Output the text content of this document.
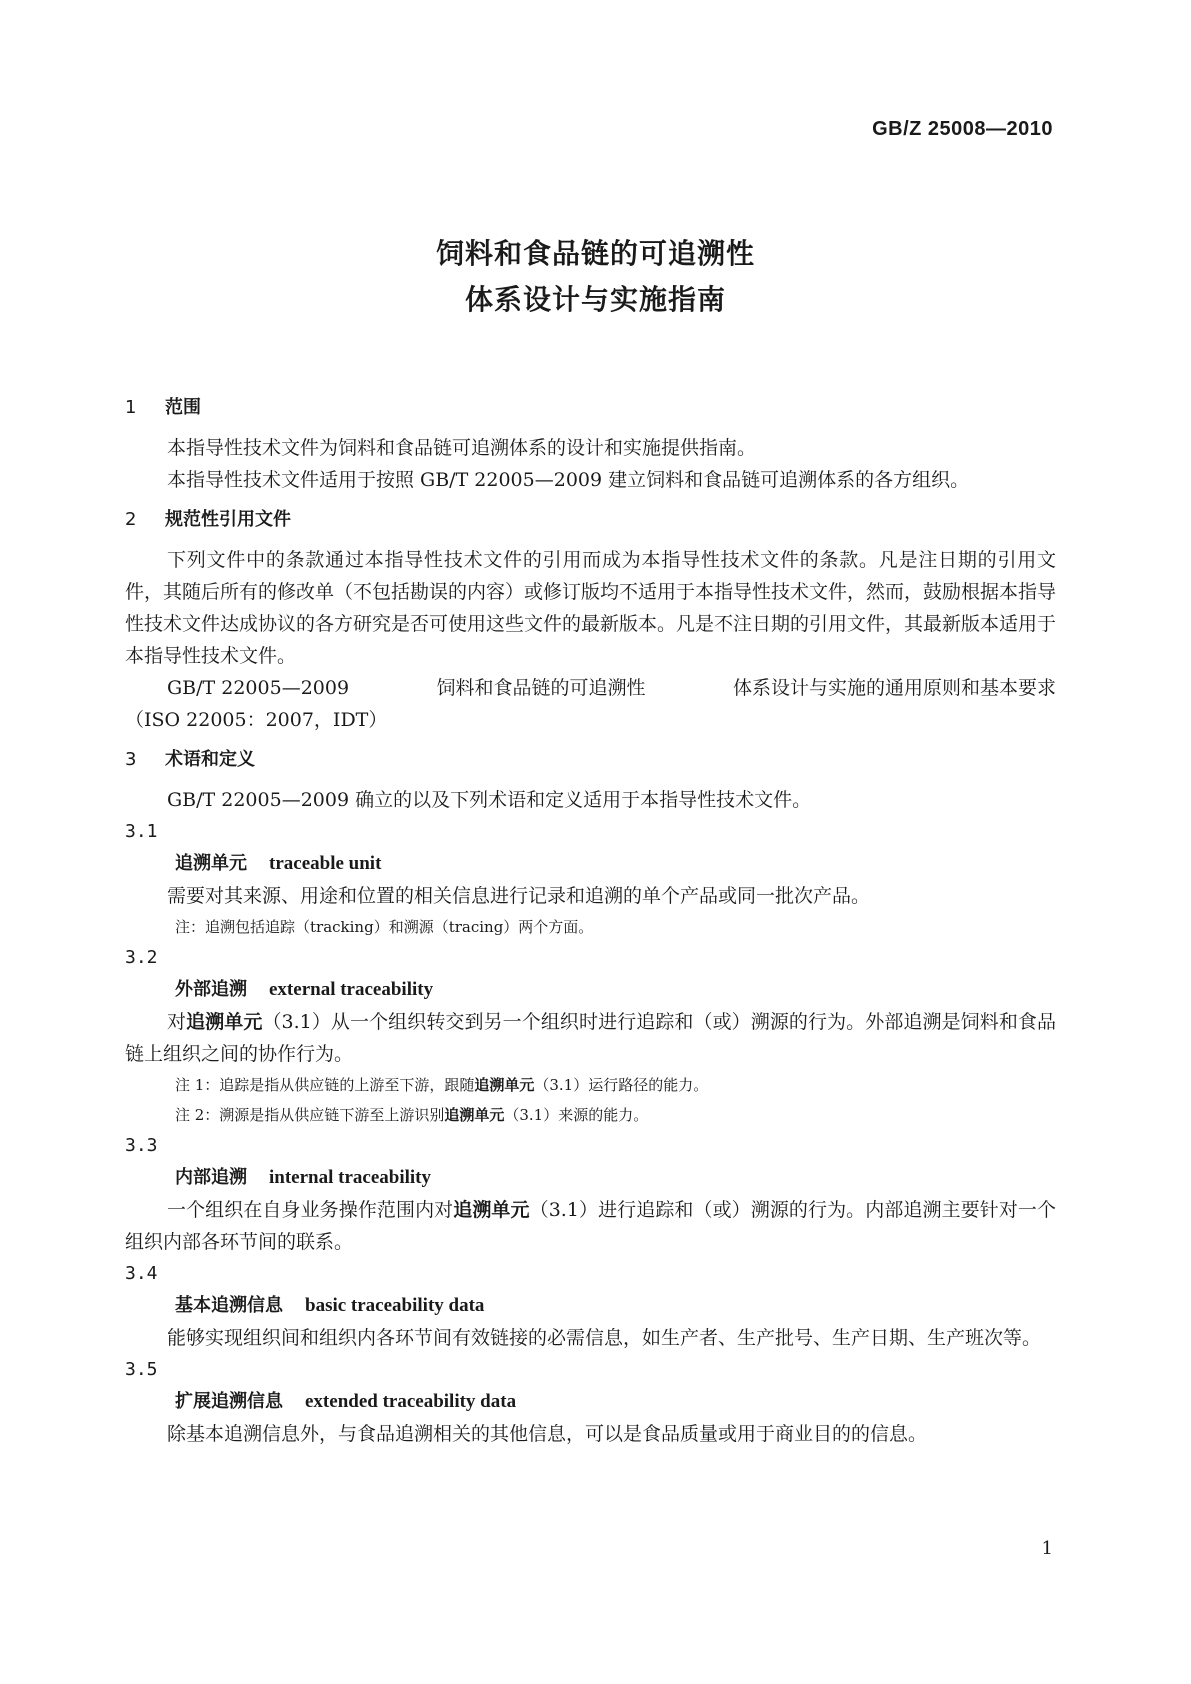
GB/Z 25008—2010
饲料和食品链的可追溯性
体系设计与实施指南
1 范围

本指导性技术文件为饲料和食品链可追溯体系的设计和实施提供指南。

本指导性技术文件适用于按照 GB/T 22005—2009 建立饲料和食品链可追溯体系的各方组织。

2 规范性引用文件

下列文件中的条款通过本指导性技术文件的引用而成为本指导性技术文件的条款。凡是注日期的引用文件，其随后所有的修改单（不包括勘误的内容）或修订版均不适用于本指导性技术文件，然而，鼓励根据本指导性技术文件达成协议的各方研究是否可使用这些文件的最新版本。凡是不注日期的引用文件，其最新版本适用于本指导性技术文件。

GB/T 22005—2009	饲料和食品链的可追溯性	体系设计与实施的通用原则和基本要求

（ISO 22005：2007，IDT）

3 术语和定义

GB/T 22005—2009 确立的以及下列术语和定义适用于本指导性技术文件。

3.1
追溯单元 traceable unit

需要对其来源、用途和位置的相关信息进行记录和追溯的单个产品或同一批次产品。

注：追溯包括追踪（tracking）和溯源（tracing）两个方面。
3.2
外部追溯 external traceability

对追溯单元（3.1）从一个组织转交到另一个组织时进行追踪和（或）溯源的行为。外部追溯是饲料和食品链上组织之间的协作行为。

注 1：追踪是指从供应链的上游至下游，跟随追溯单元（3.1）运行路径的能力。
注 2：溯源是指从供应链下游至上游识别追溯单元（3.1）来源的能力。
3.3
内部追溯 internal traceability

一个组织在自身业务操作范围内对追溯单元（3.1）进行追踪和（或）溯源的行为。内部追溯主要针对一个组织内部各环节间的联系。

3.4
基本追溯信息 basic traceability data

能够实现组织间和组织内各环节间有效链接的必需信息，如生产者、生产批号、生产日期、生产班次等。

3.5
扩展追溯信息 extended traceability data

除基本追溯信息外，与食品追溯相关的其他信息，可以是食品质量或用于商业目的的信息。

1
